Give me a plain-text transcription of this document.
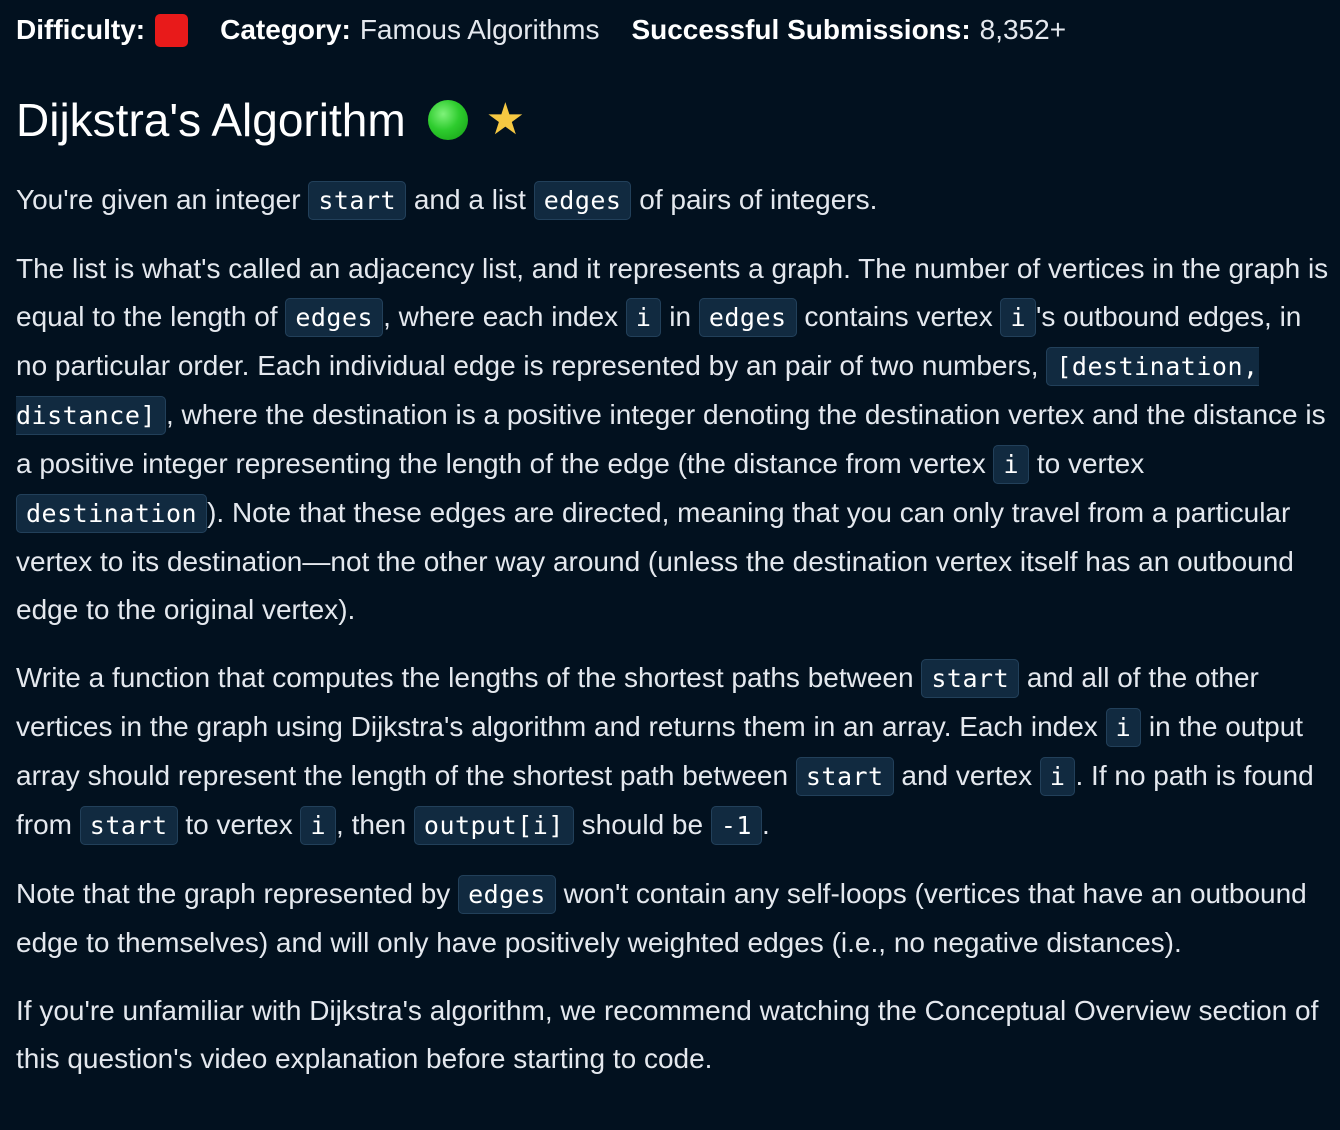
Difficulty:	Category: Famous Algorithms Successful Submissions: 8,352+
Dijkstra's Algorithm ★

You're given an integer start and a list edges of pairs of integers.

The list is what's called an adjacency list, and it represents a graph. The number of vertices in the graph is equal to the length of edges , where each index i in edges contains vertex i 's outbound edges, in no particular order. Each individual edge is represented by an pair of two numbers, [destination, distance] , where the destination is a positive integer denoting the destination vertex and the distance is a positive integer representing the length of the edge (the distance from vertex i to vertex destination ). Note that these edges are directed, meaning that you can only travel from a particular vertex to its destination—not the other way around (unless the destination vertex itself has an outbound edge to the original vertex).

Write a function that computes the lengths of the shortest paths between start and all of the other vertices in the graph using Dijkstra's algorithm and returns them in an array. Each index i in the output array should represent the length of the shortest path between start and vertex i . If no path is found from start to vertex i , then output[i] should be -1 .

Note that the graph represented by edges won't contain any self-loops (vertices that have an outbound edge to themselves) and will only have positively weighted edges (i.e., no negative distances).

If you're unfamiliar with Dijkstra's algorithm, we recommend watching the Conceptual Overview section of this question's video explanation before starting to code.
